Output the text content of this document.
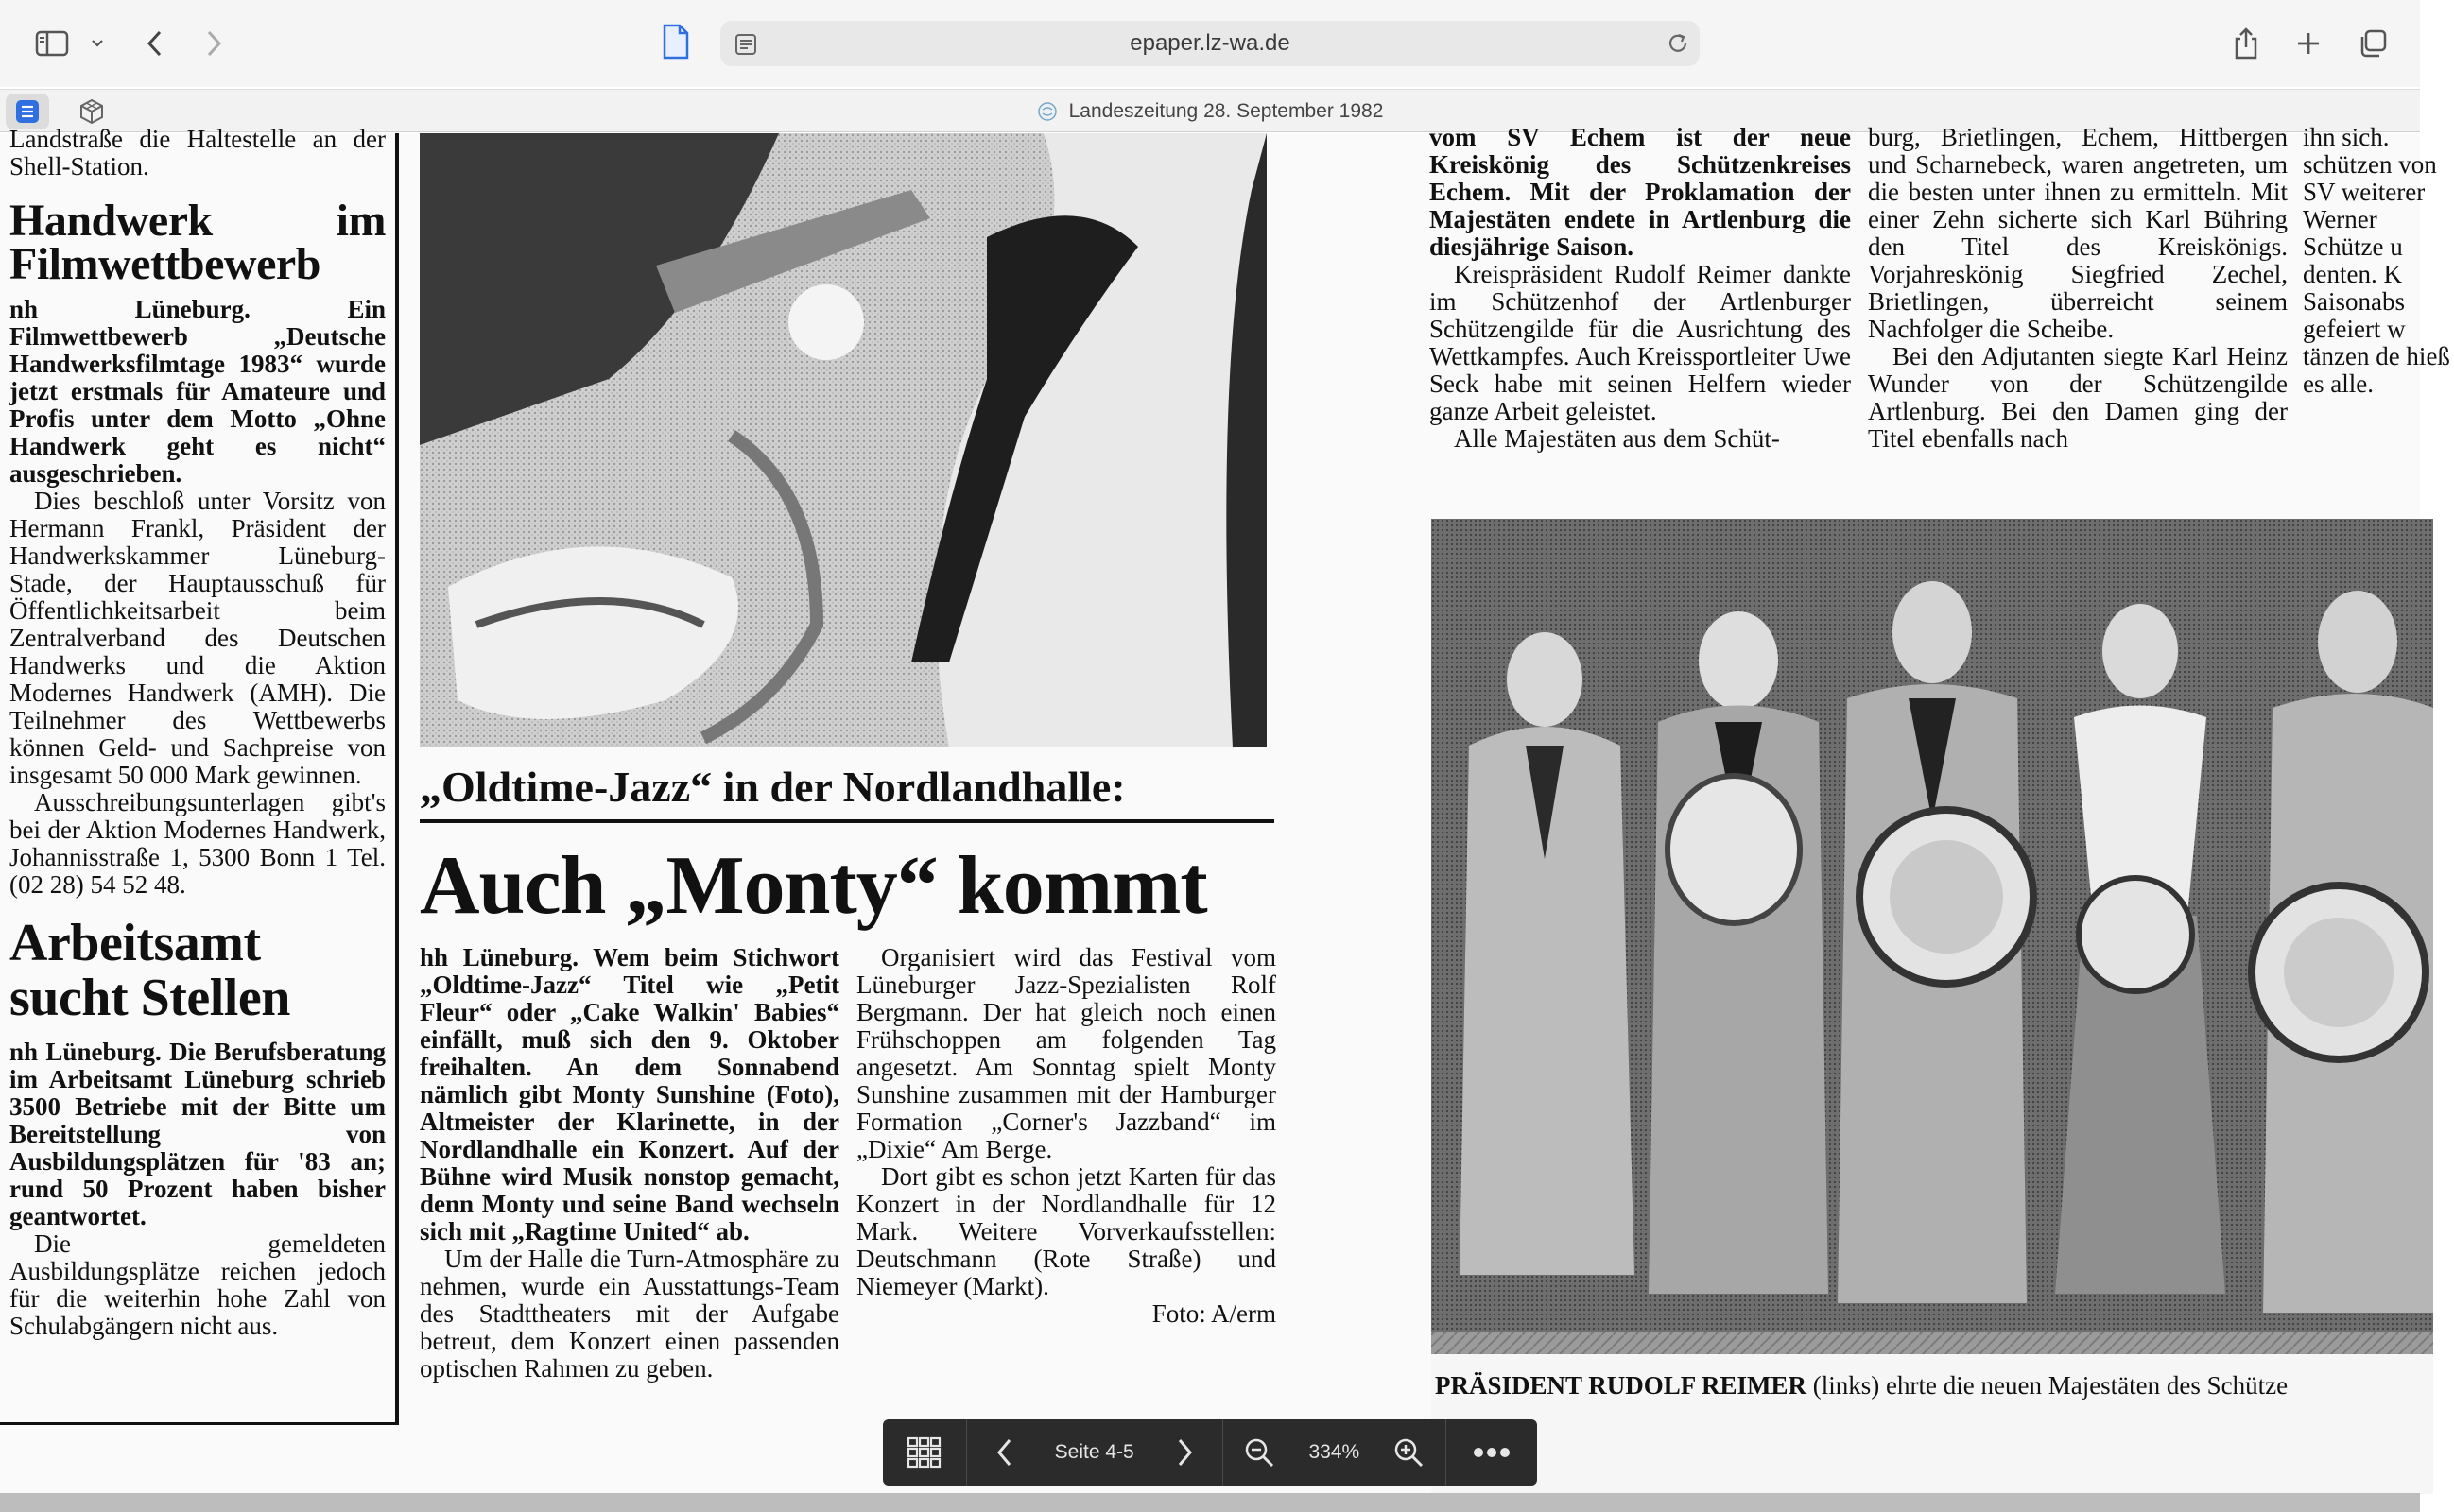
epaper.lz-wa.de
Landeszeitung 28. September 1982

Landstraße die Haltestelle an der Shell-Station.

Handwerk im Filmwettbewerb

nh Lüneburg. Ein Filmwettbewerb „Deutsche Handwerksfilmtage 1983“ wurde jetzt erstmals für Amateure und Profis unter dem Motto „Ohne Handwerk geht es nicht“ ausgeschrieben.

Dies beschloß unter Vorsitz von Hermann Frankl, Präsident der Handwerkskammer Lüneburg-Stade, der Hauptausschuß für Öffentlichkeitsarbeit beim Zentralverband des Deutschen Handwerks und die Aktion Modernes Handwerk (AMH). Die Teilnehmer des Wettbewerbs können Geld- und Sachpreise von insgesamt 50 000 Mark gewinnen.

Ausschreibungsunterlagen gibt's bei der Aktion Modernes Handwerk, Johannisstraße 1, 5300 Bonn 1 Tel. (02 28) 54 52 48.

Arbeitsamt sucht Stellen

nh Lüneburg. Die Berufsberatung im Arbeitsamt Lüneburg schrieb 3500 Betriebe mit der Bitte um Bereitstellung von Ausbildungsplätzen für '83 an; rund 50 Prozent haben bisher geantwortet.

Die gemeldeten Ausbildungsplätze reichen jedoch für die weiterhin hohe Zahl von Schulabgängern nicht aus.

„Oldtime-Jazz“ in der Nordlandhalle:
Auch „Monty“ kommt

hh Lüneburg. Wem beim Stichwort „Oldtime-Jazz“ Titel wie „Petit Fleur“ oder „Cake Walkin' Babies“ einfällt, muß sich den 9. Oktober freihalten. An dem Sonnabend nämlich gibt Monty Sunshine (Foto), Altmeister der Klarinette, in der Nordlandhalle ein Konzert. Auf der Bühne wird Musik nonstop gemacht, denn Monty und seine Band wechseln sich mit „Ragtime United“ ab.

Um der Halle die Turn-Atmosphäre zu nehmen, wurde ein Ausstattungs-Team des Stadttheaters mit der Aufgabe betreut, dem Konzert einen passenden optischen Rahmen zu geben.

Organisiert wird das Festival vom Lüneburger Jazz-Spezialisten Rolf Bergmann. Der hat gleich noch einen Frühschoppen am folgenden Tag angesetzt. Am Sonntag spielt Monty Sunshine zusammen mit der Hamburger Formation „Corner's Jazzband“ im „Dixie“ Am Berge.

Dort gibt es schon jetzt Karten für das Konzert in der Nordlandhalle für 12 Mark. Weitere Vorverkaufsstellen: Deutschmann (Rote Straße) und Niemeyer (Markt).

Foto: A/erm

vom SV Echem ist der neue Kreiskönig des Schützenkreises Echem. Mit der Proklamation der Majestäten endete in Artlenburg die diesjährige Saison.

Kreispräsident Rudolf Reimer dankte im Schützenhof der Artlenburger Schützengilde für die Ausrichtung des Wettkampfes. Auch Kreissportleiter Uwe Seck habe mit seinen Helfern wieder ganze Arbeit geleistet.

Alle Majestäten aus dem Schüt-

burg, Brietlingen, Echem, Hittbergen und Scharnebeck, waren angetreten, um die besten unter ihnen zu ermitteln. Mit einer Zehn sicherte sich Karl Bühring den Titel des Kreiskönigs. Vorjahreskönig Siegfried Zechel, Brietlingen, überreicht seinem Nachfolger die Scheibe.

Bei den Adjutanten siegte Karl Heinz Wunder von der Schützengilde Artlenburg. Bei den Damen ging der Titel ebenfalls nach

ihn sich. schützen von SV weiterer Werner Schütze u denten. K Saisonabs gefeiert w tänzen de hieß es alle.

PRÄSIDENT RUDOLF REIMER (links) ehrte die neuen Majestäten des Schütze
Seite 4-5	334%
